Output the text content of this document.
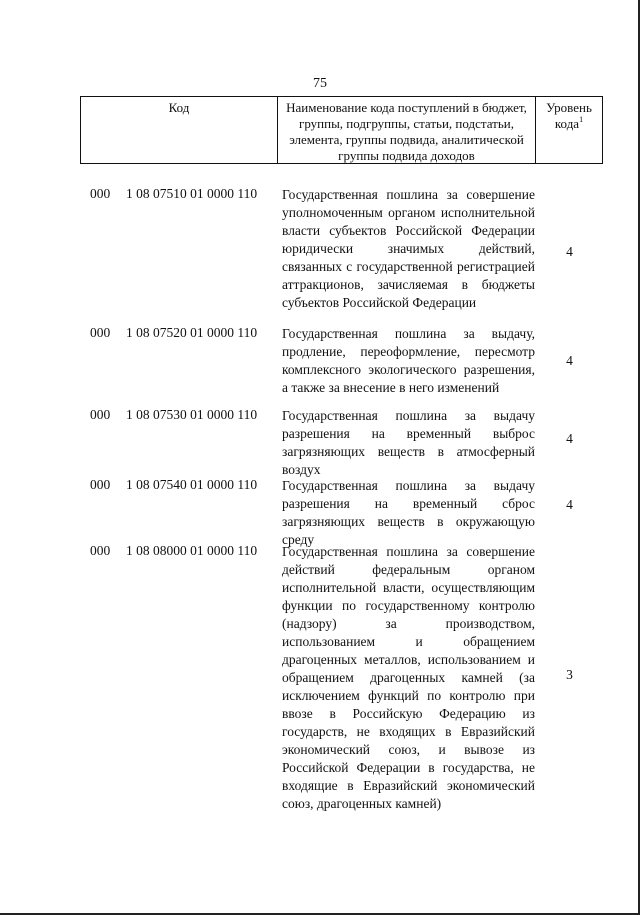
75
Код	Наименование кода поступлений в бюджет, группы, подгруппы, статьи, подстатьи, элемента, группы подвида, аналитической группы подвида доходов
Уровень кода$^1$
000 1 08 07510 01 0000 110 Государственная пошлина за совершение уполномоченным органом исполнительной власти субъектов Российской Федерации юридически значимых действий, связанных с государственной регистрацией аттракционов, зачисляемая в бюджеты субъектов Российской Федерации
4
000 1 08 07520 01 0000 110 Государственная пошлина за выдачу, продление, переоформление, пересмотр комплексного экологического разрешения, а также за внесение в него изменений
4
000 1 08 07530 01 0000 110 Государственная пошлина за выдачу разрешения на временный выброс загрязняющих веществ в атмосферный воздух
4
000 1 08 07540 01 0000 110 Государственная пошлина за выдачу разрешения на временный сброс загрязняющих веществ в окружающую среду
4
000 1 08 08000 01 0000 110 Государственная пошлина за совершение действий федеральным органом исполнительной власти, осуществляющим функции по государственному контролю (надзору) за производством, использованием и обращением драгоценных металлов, использованием и обращением драгоценных камней (за исключением функций по контролю при ввозе в Российскую Федерацию из государств, не входящих в Евразийский экономический союз, и вывозе из Российской Федерации в государства, не входящие в Евразийский экономический союз, драгоценных камней)
3
